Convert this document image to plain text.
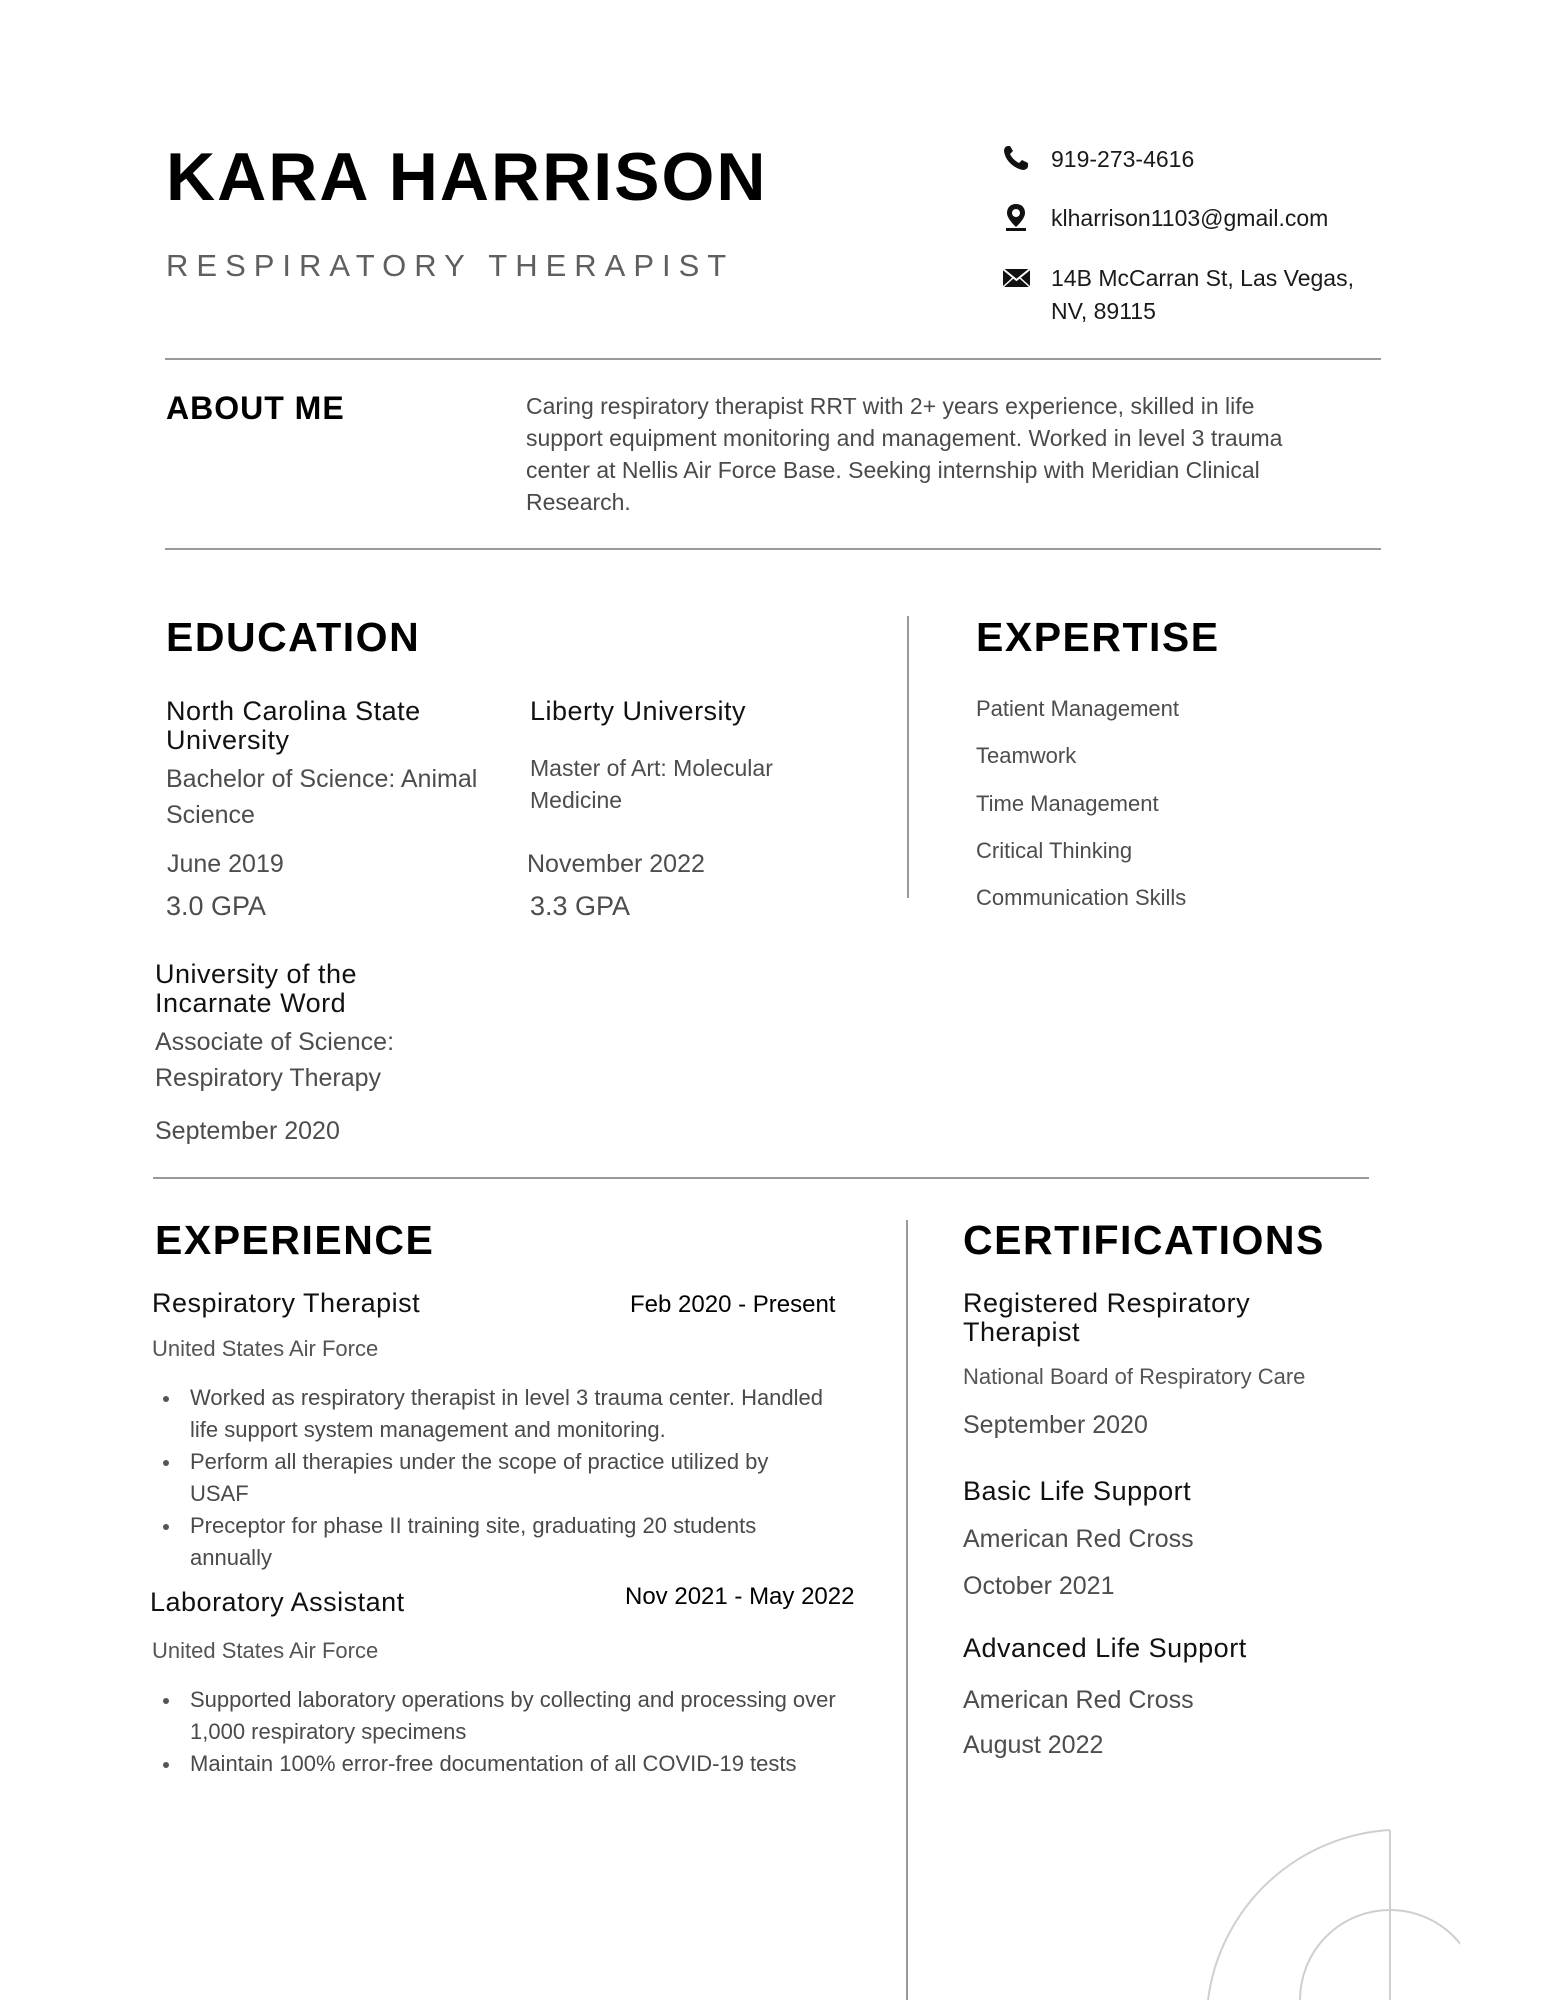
KARA HARRISON
RESPIRATORY THERAPIST
919-273-4616
klharrison1103@gmail.com
14B McCarran St, Las Vegas,
NV, 89115
ABOUT ME	Caring respiratory therapist RRT with 2+ years experience, skilled in life support equipment monitoring and management. Worked in level 3 trauma center at Nellis Air Force Base. Seeking internship with Meridian Clinical Research.
EDUCATION
North Carolina State
University
Bachelor of Science: Animal
Science
June 2019
3.0 GPA
Liberty University
Master of Art: Molecular
Medicine
November 2022
3.3 GPA
University of the
Incarnate Word
Associate of Science:
Respiratory Therapy
September 2020
EXPERTISE
Patient Management
Teamwork
Time Management
Critical Thinking
Communication Skills
EXPERIENCE
Respiratory Therapist	Feb 2020 - Present
United States Air Force
Worked as respiratory therapist in level 3 trauma center. Handled life support system management and monitoring.
Perform all therapies under the scope of practice utilized by USAF
Preceptor for phase II training site, graduating 20 students annually
Laboratory Assistant	Nov 2021 - May 2022
United States Air Force
Supported laboratory operations by collecting and processing over 1,000 respiratory specimens
Maintain 100% error-free documentation of all COVID-19 tests
CERTIFICATIONS
Registered Respiratory
Therapist
National Board of Respiratory Care
September 2020
Basic Life Support
American Red Cross
October 2021
Advanced Life Support
American Red Cross
August 2022
